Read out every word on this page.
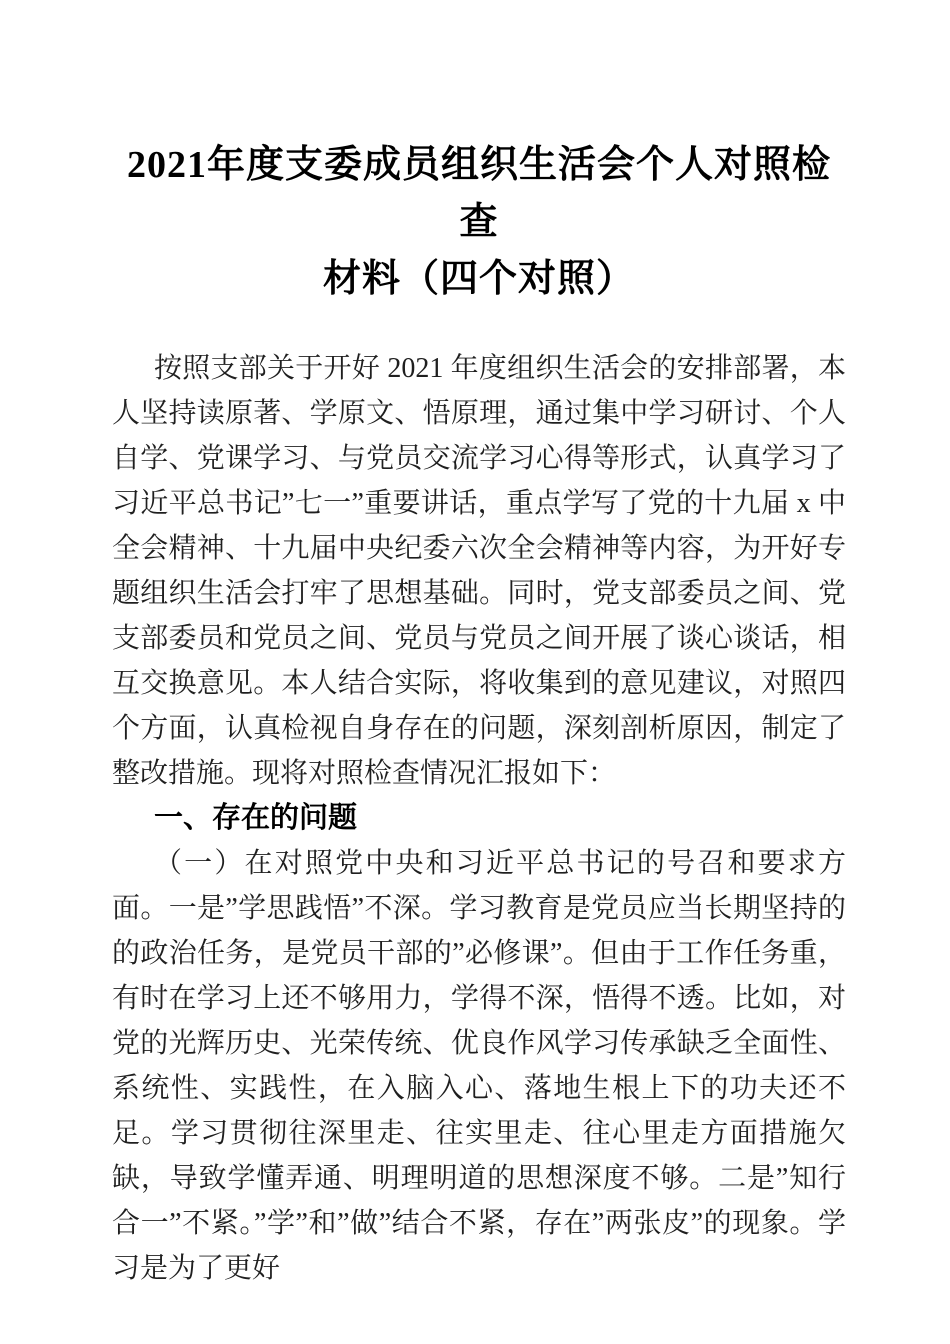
2021年度支委成员组织生活会个人对照检查
材料（四个对照）

按照支部关于开好 2021 年度组织生活会的安排部署，本人坚持读原著、学原文、悟原理，通过集中学习研讨、个人自学、党课学习、与党员交流学习心得等形式，认真学习了习近平总书记”七一”重要讲话，重点学写了党的十九届 x 中全会精神、十九届中央纪委六次全会精神等内容，为开好专题组织生活会打牢了思想基础。同时，党支部委员之间、党支部委员和党员之间、党员与党员之间开展了谈心谈话，相互交换意见。本人结合实际，将收集到的意见建议，对照四个方面，认真检视自身存在的问题，深刻剖析原因，制定了整改措施。现将对照检查情况汇报如下：

一、存在的问题

（一）在对照党中央和习近平总书记的号召和要求方面。一是”学思践悟”不深。学习教育是党员应当长期坚持的的政治任务，是党员干部的”必修课”。但由于工作任务重，有时在学习上还不够用力，学得不深，悟得不透。比如，对党的光辉历史、光荣传统、优良作风学习传承缺乏全面性、系统性、实践性，在入脑入心、落地生根上下的功夫还不足。学习贯彻往深里走、往实里走、往心里走方面措施欠缺，导致学懂弄通、明理明道的思想深度不够。二是”知行合一”不紧。”学”和”做”结合不紧，存在”两张皮”的现象。学习是为了更好
